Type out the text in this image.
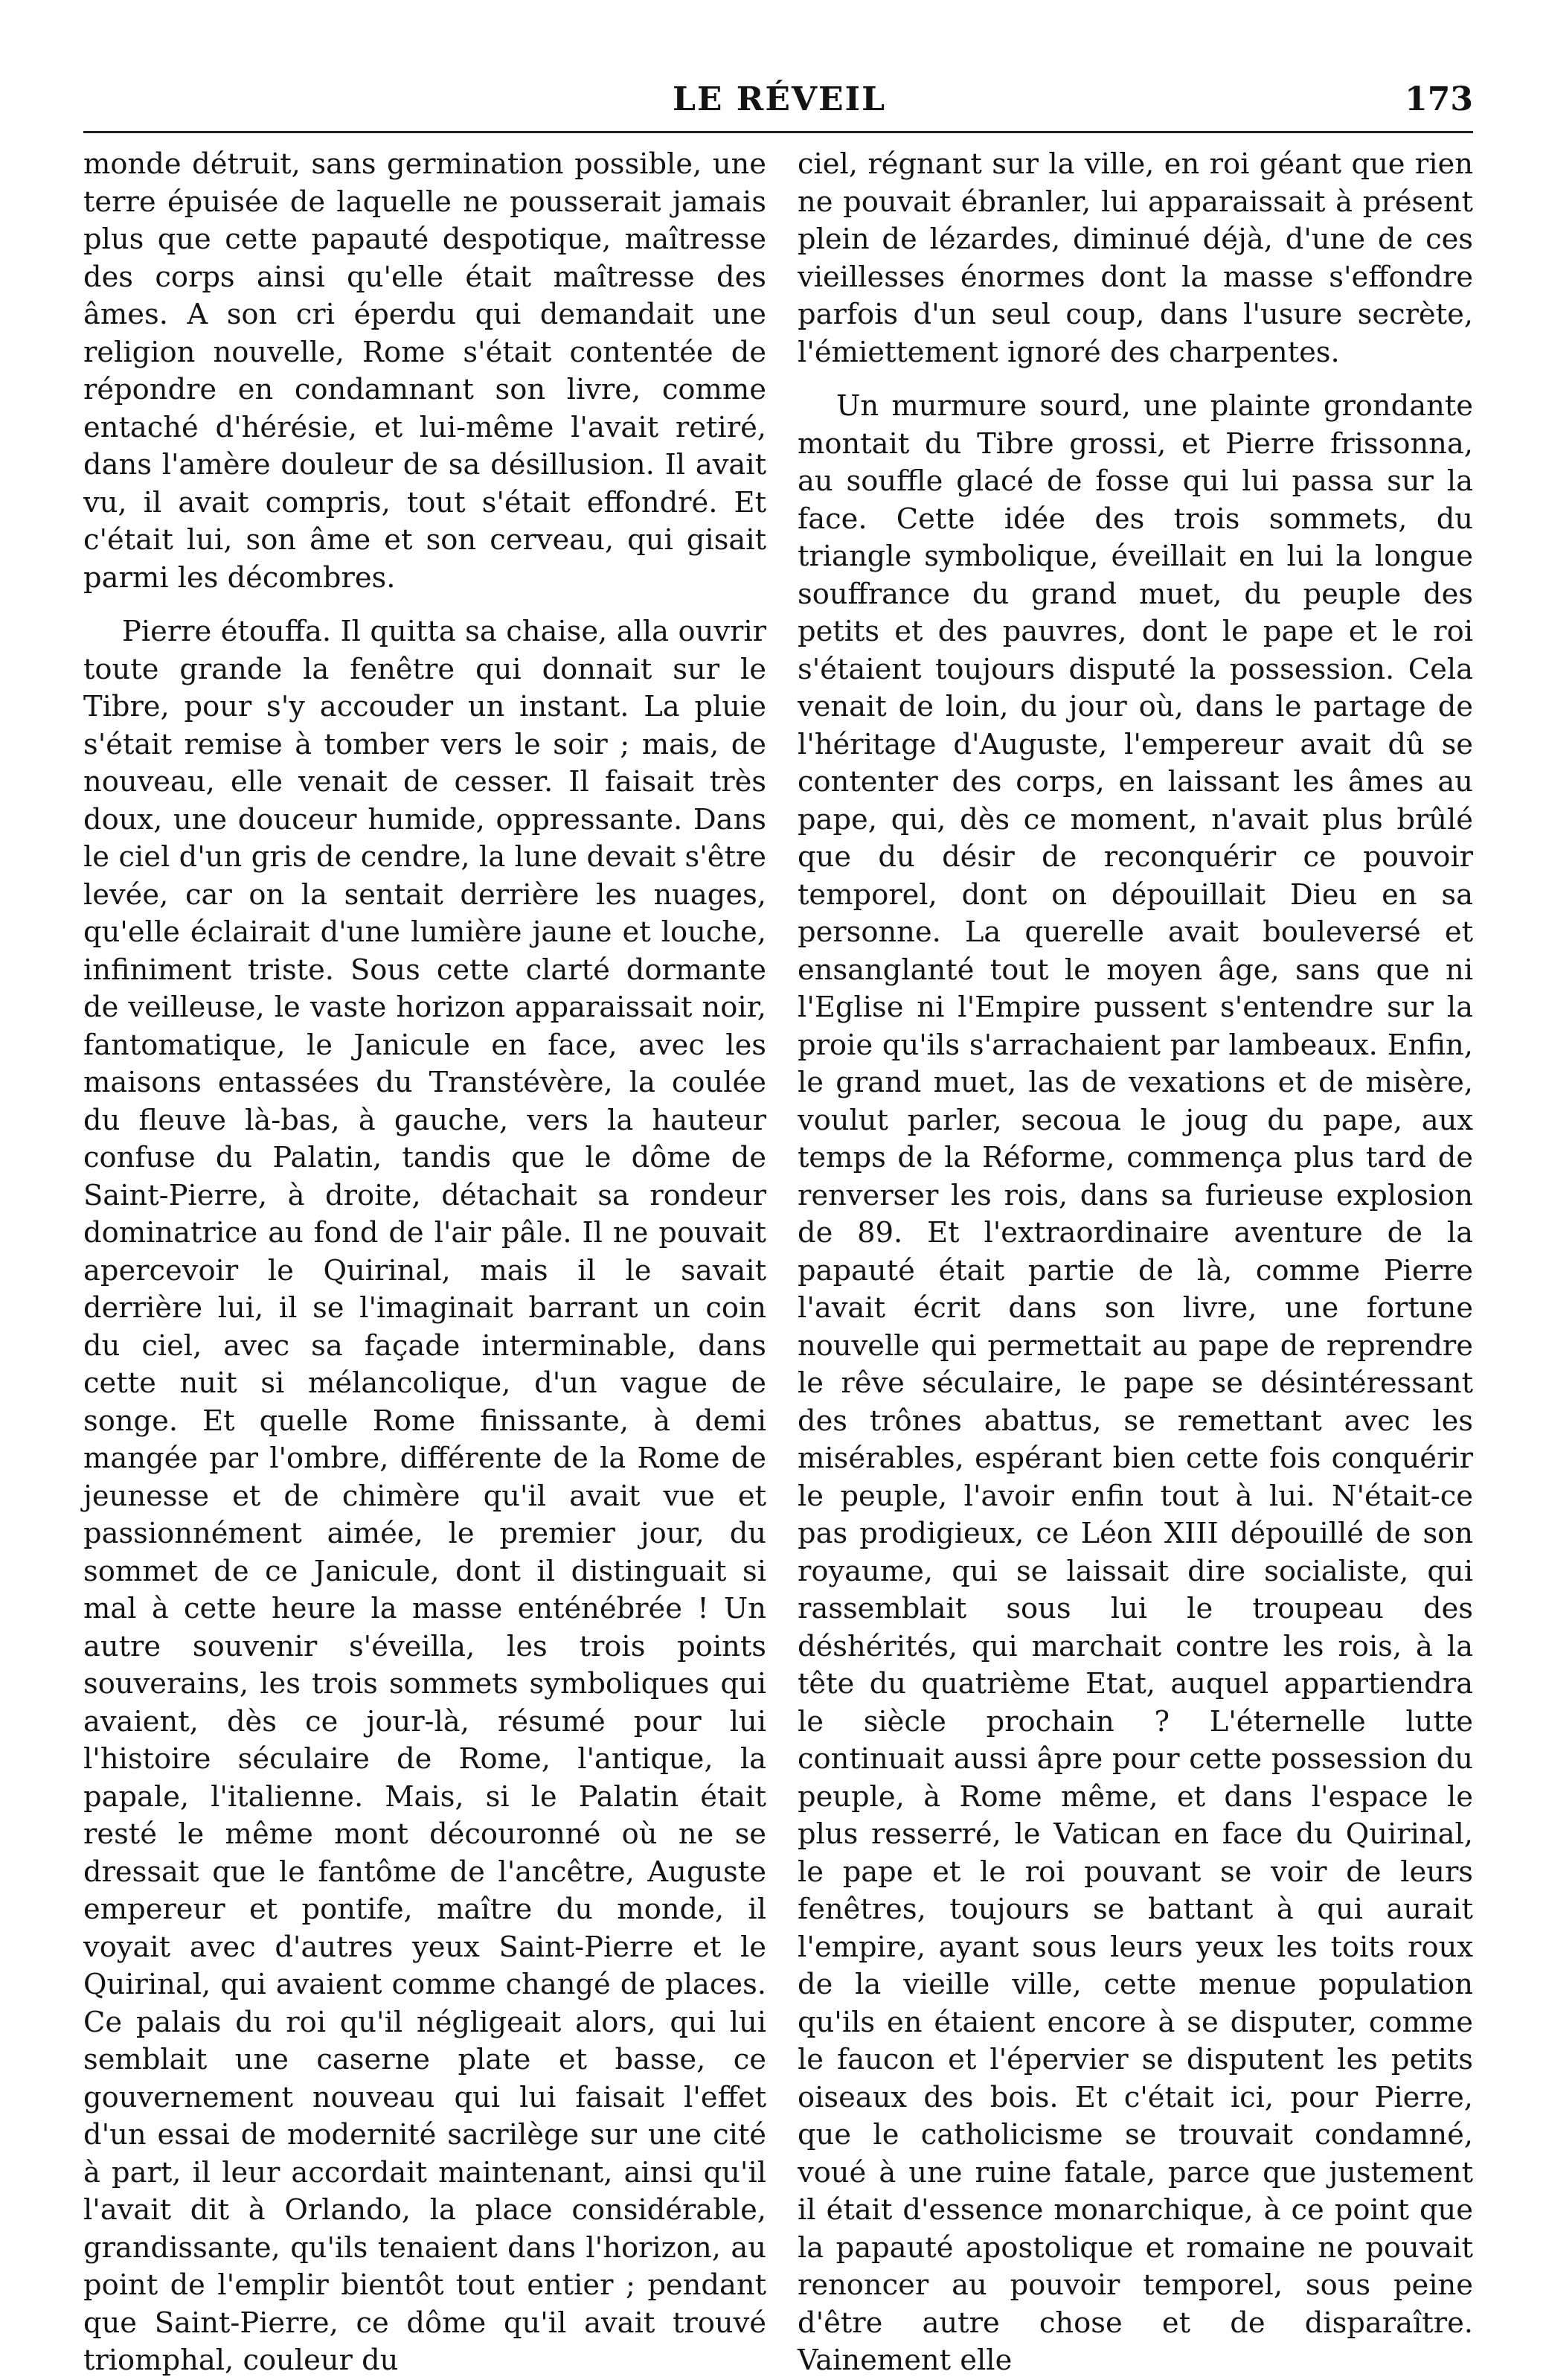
LE RÉVEIL	173

monde détruit, sans germination possible, une terre épuisée de laquelle ne pousserait jamais plus que cette papauté despotique, maîtresse des corps ainsi qu'elle était maîtresse des âmes. A son cri éperdu qui demandait une religion nouvelle, Rome s'était contentée de répondre en condamnant son livre, comme entaché d'hérésie, et lui-même l'avait retiré, dans l'amère douleur de sa désillusion. Il avait vu, il avait compris, tout s'était effondré. Et c'était lui, son âme et son cerveau, qui gisait parmi les décombres.

Pierre étouffa. Il quitta sa chaise, alla ouvrir toute grande la fenêtre qui donnait sur le Tibre, pour s'y accouder un instant. La pluie s'était remise à tomber vers le soir ; mais, de nouveau, elle venait de cesser. Il faisait très doux, une douceur humide, oppressante. Dans le ciel d'un gris de cendre, la lune devait s'être levée, car on la sentait derrière les nuages, qu'elle éclairait d'une lumière jaune et louche, infiniment triste. Sous cette clarté dormante de veilleuse, le vaste horizon apparaissait noir, fantomatique, le Janicule en face, avec les maisons entassées du Transtévère, la coulée du fleuve là-bas, à gauche, vers la hauteur confuse du Palatin, tandis que le dôme de Saint-Pierre, à droite, détachait sa rondeur dominatrice au fond de l'air pâle. Il ne pouvait apercevoir le Quirinal, mais il le savait derrière lui, il se l'imaginait barrant un coin du ciel, avec sa façade interminable, dans cette nuit si mélancolique, d'un vague de songe. Et quelle Rome finissante, à demi mangée par l'ombre, différente de la Rome de jeunesse et de chimère qu'il avait vue et passionnément aimée, le premier jour, du sommet de ce Janicule, dont il distinguait si mal à cette heure la masse enténébrée ! Un autre souvenir s'éveilla, les trois points souverains, les trois sommets symboliques qui avaient, dès ce jour-là, résumé pour lui l'histoire séculaire de Rome, l'antique, la papale, l'italienne. Mais, si le Palatin était resté le même mont découronné où ne se dressait que le fantôme de l'ancêtre, Auguste empereur et pontife, maître du monde, il voyait avec d'autres yeux Saint-Pierre et le Quirinal, qui avaient comme changé de places. Ce palais du roi qu'il négligeait alors, qui lui semblait une caserne plate et basse, ce gouvernement nouveau qui lui faisait l'effet d'un essai de modernité sacrilège sur une cité à part, il leur accordait maintenant, ainsi qu'il l'avait dit à Orlando, la place considérable, grandissante, qu'ils tenaient dans l'horizon, au point de l'emplir bientôt tout entier ; pendant que Saint-Pierre, ce dôme qu'il avait trouvé triomphal, couleur du

ciel, régnant sur la ville, en roi géant que rien ne pouvait ébranler, lui apparaissait à présent plein de lézardes, diminué déjà, d'une de ces vieillesses énormes dont la masse s'effondre parfois d'un seul coup, dans l'usure secrète, l'émiettement ignoré des charpentes.

Un murmure sourd, une plainte grondante montait du Tibre grossi, et Pierre frissonna, au souffle glacé de fosse qui lui passa sur la face. Cette idée des trois sommets, du triangle symbolique, éveillait en lui la longue souffrance du grand muet, du peuple des petits et des pauvres, dont le pape et le roi s'étaient toujours disputé la possession. Cela venait de loin, du jour où, dans le partage de l'héritage d'Auguste, l'empereur avait dû se contenter des corps, en laissant les âmes au pape, qui, dès ce moment, n'avait plus brûlé que du désir de reconquérir ce pouvoir temporel, dont on dépouillait Dieu en sa personne. La querelle avait bouleversé et ensanglanté tout le moyen âge, sans que ni l'Eglise ni l'Empire pussent s'entendre sur la proie qu'ils s'arrachaient par lambeaux. Enfin, le grand muet, las de vexations et de misère, voulut parler, secoua le joug du pape, aux temps de la Réforme, commença plus tard de renverser les rois, dans sa furieuse explosion de 89. Et l'extraordinaire aventure de la papauté était partie de là, comme Pierre l'avait écrit dans son livre, une fortune nouvelle qui permettait au pape de reprendre le rêve séculaire, le pape se désintéressant des trônes abattus, se remettant avec les misérables, espérant bien cette fois conquérir le peuple, l'avoir enfin tout à lui. N'était-ce pas prodigieux, ce Léon XIII dépouillé de son royaume, qui se laissait dire socialiste, qui rassemblait sous lui le troupeau des déshérités, qui marchait contre les rois, à la tête du quatrième Etat, auquel appartiendra le siècle prochain ? L'éternelle lutte continuait aussi âpre pour cette possession du peuple, à Rome même, et dans l'espace le plus resserré, le Vatican en face du Quirinal, le pape et le roi pouvant se voir de leurs fenêtres, toujours se battant à qui aurait l'empire, ayant sous leurs yeux les toits roux de la vieille ville, cette menue population qu'ils en étaient encore à se disputer, comme le faucon et l'épervier se disputent les petits oiseaux des bois. Et c'était ici, pour Pierre, que le catholicisme se trouvait condamné, voué à une ruine fatale, parce que justement il était d'essence monarchique, à ce point que la papauté apostolique et romaine ne pouvait renoncer au pouvoir temporel, sous peine d'être autre chose et de disparaître. Vainement elle
